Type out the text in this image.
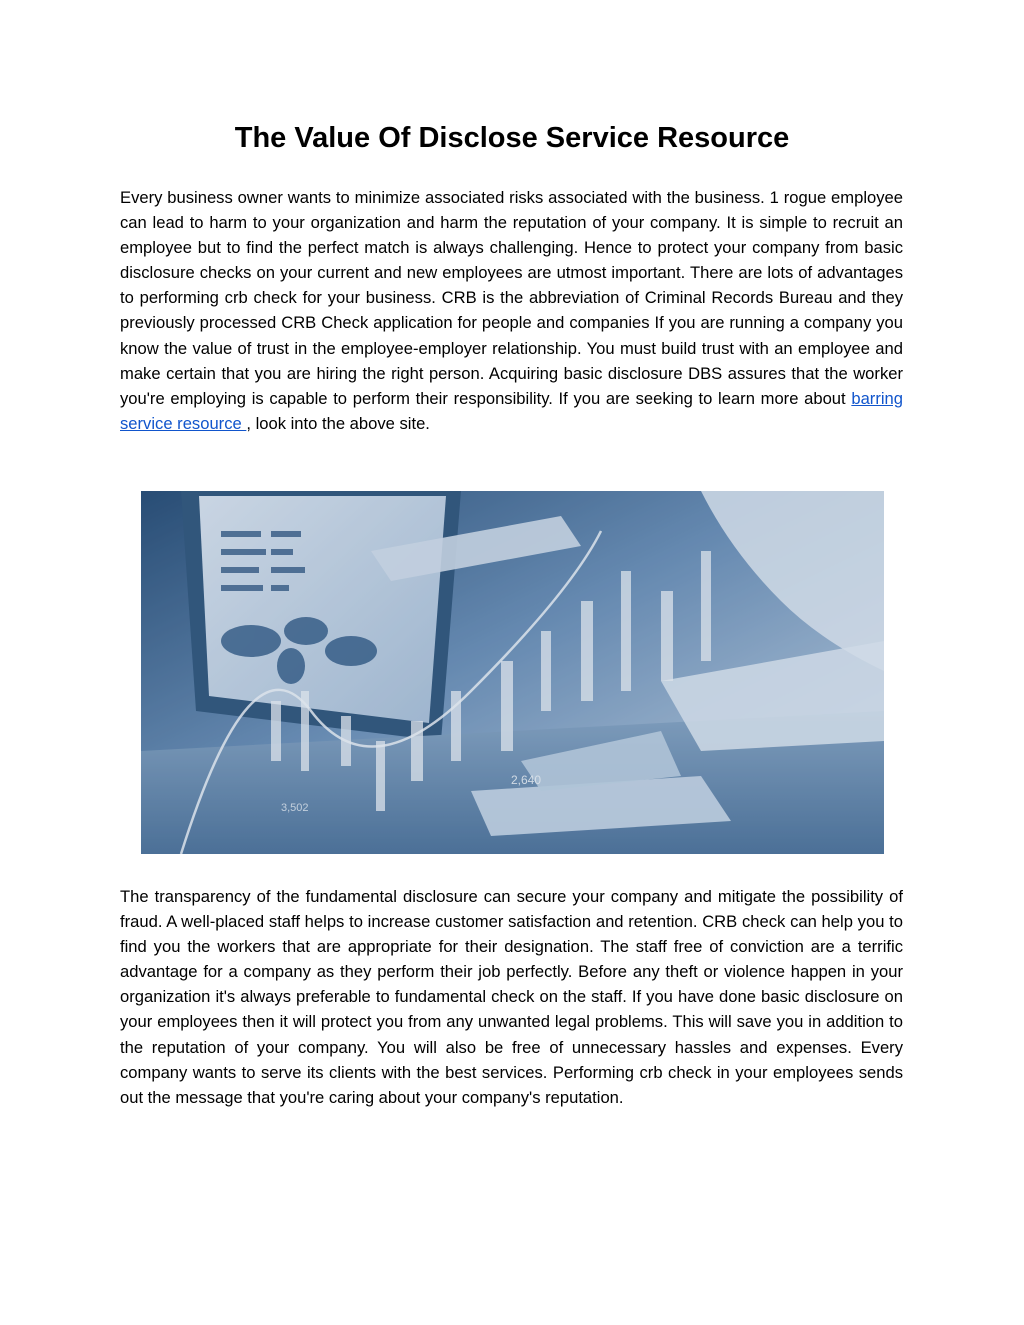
The Value Of Disclose Service Resource

Every business owner wants to minimize associated risks associated with the business. 1 rogue employee can lead to harm to your organization and harm the reputation of your company. It is simple to recruit an employee but to find the perfect match is always challenging. Hence to protect your company from basic disclosure checks on your current and new employees are utmost important. There are lots of advantages to performing crb check for your business. CRB is the abbreviation of Criminal Records Bureau and they previously processed CRB Check application for people and companies If you are running a company you know the value of trust in the employee-employer relationship. You must build trust with an employee and make certain that you are hiring the right person. Acquiring basic disclosure DBS assures that the worker you're employing is capable to perform their responsibility. If you are seeking to learn more about barring service resource , look into the above site.

2,640
3,502

The transparency of the fundamental disclosure can secure your company and mitigate the possibility of fraud. A well-placed staff helps to increase customer satisfaction and retention. CRB check can help you to find you the workers that are appropriate for their designation. The staff free of conviction are a terrific advantage for a company as they perform their job perfectly. Before any theft or violence happen in your organization it's always preferable to fundamental check on the staff. If you have done basic disclosure on your employees then it will protect you from any unwanted legal problems. This will save you in addition to the reputation of your company. You will also be free of unnecessary hassles and expenses. Every company wants to serve its clients with the best services. Performing crb check in your employees sends out the message that you're caring about your company's reputation.
